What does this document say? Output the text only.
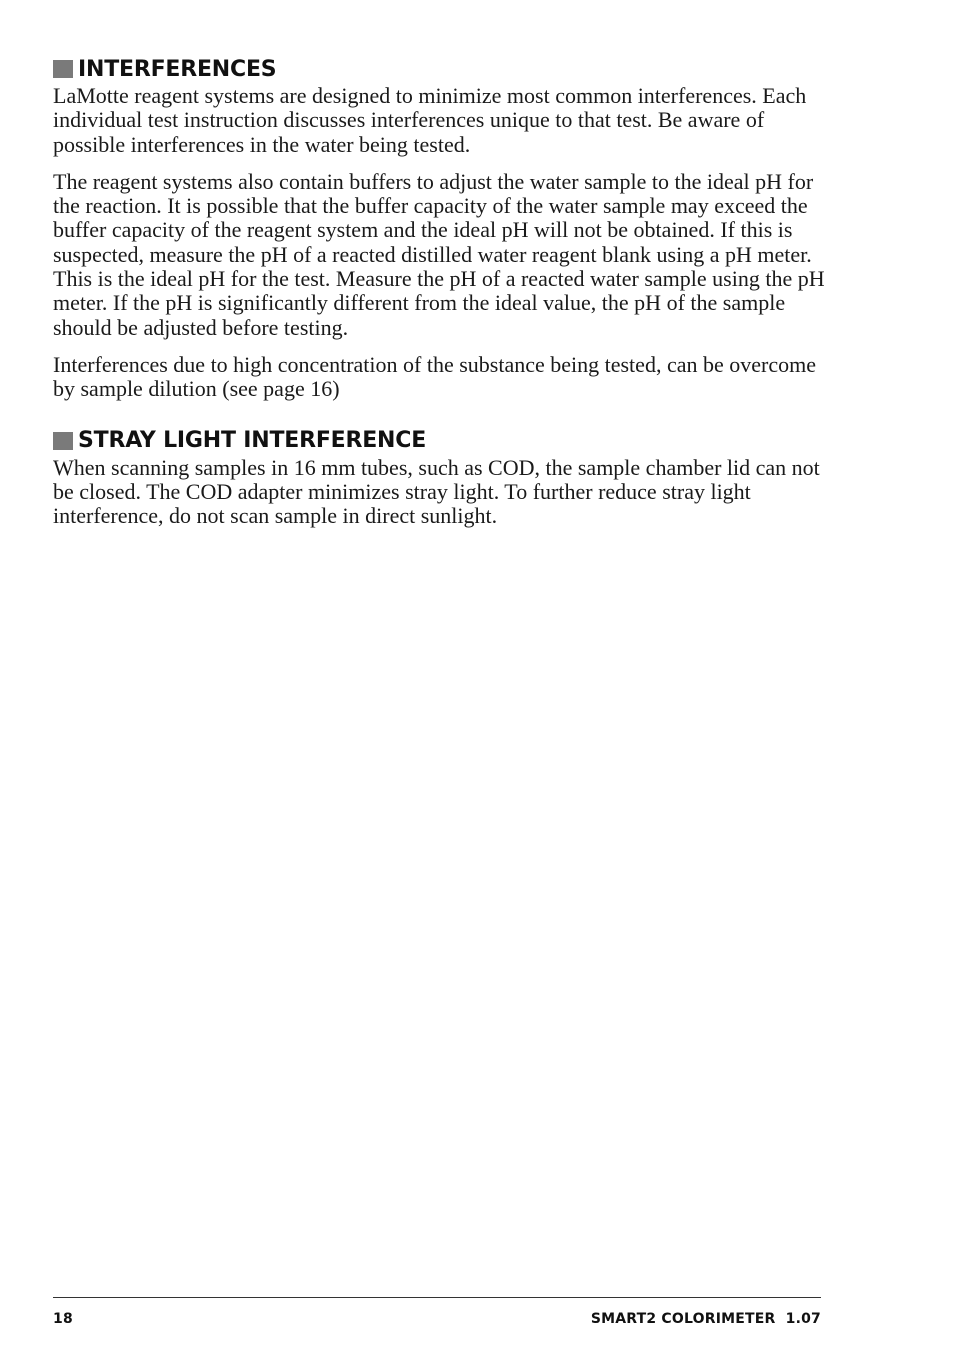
INTERFERENCES

LaMotte reagent systems are designed to minimize most common interferences. Each individual test instruction discusses interferences unique to that test. Be aware of possible interferences in the water being tested.

The reagent systems also contain buffers to adjust the water sample to the ideal pH for the reaction. It is possible that the buffer capacity of the water sample may exceed the buffer capacity of the reagent system and the ideal pH will not be obtained. If this is suspected, measure the pH of a reacted distilled water reagent blank using a pH meter. This is the ideal pH for the test. Measure the pH of a reacted water sample using the pH meter. If the pH is significantly different from the ideal value, the pH of the sample should be adjusted before testing.

Interferences due to high concentration of the substance being tested, can be overcome by sample dilution (see page 16)

STRAY LIGHT INTERFERENCE

When scanning samples in 16 mm tubes, such as COD, the sample chamber lid can not be closed. The COD adapter minimizes stray light. To further reduce stray light interference, do not scan sample in direct sunlight.

18	SMART2 COLORIMETER  1.07
